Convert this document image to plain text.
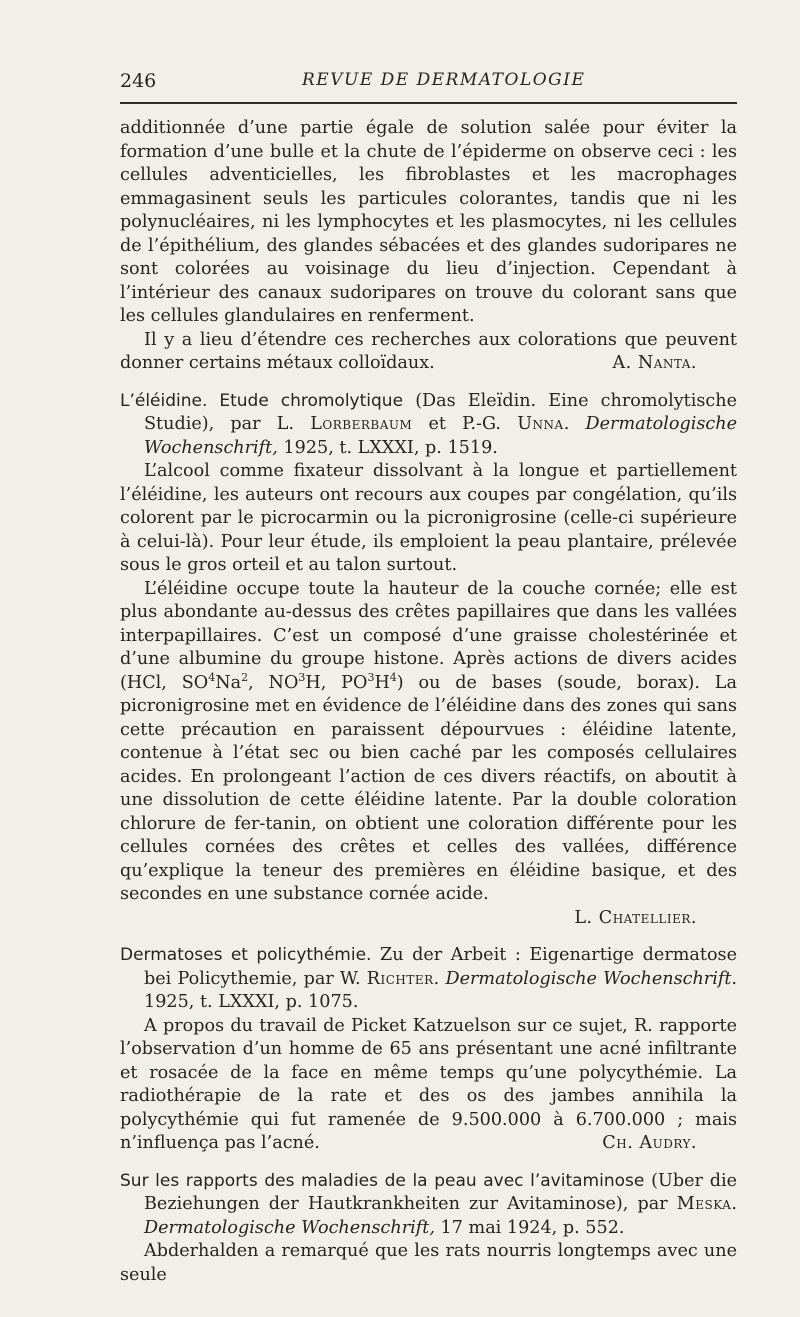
246	REVUE DE DERMATOLOGIE

additionnée d’une partie égale de solution salée pour éviter la formation d’une bulle et la chute de l’épiderme on observe ceci : les cellules adventicielles, les fibroblastes et les macrophages emmagasinent seuls les particules colorantes, tandis que ni les polynucléaires, ni les lymphocytes et les plasmocytes, ni les cellules de l’épithélium, des glandes sébacées et des glandes sudoripares ne sont colorées au voisinage du lieu d’injection. Cependant à l’intérieur des canaux sudoripares on trouve du colorant sans que les cellules glandulaires en renferment.

Il y a lieu d’étendre ces recherches aux colorations que peuvent donner certains métaux colloïdaux.	A. Nanta.

L’éléidine. Etude chromolytique (Das Eleïdin. Eine chromolytische Studie), par L. Lorberbaum et P.-G. Unna. Dermatologische Wochenschrift, 1925, t. LXXXI, p. 1519.

L’alcool comme fixateur dissolvant à la longue et partiellement l’éléidine, les auteurs ont recours aux coupes par congélation, qu’ils colorent par le picrocarmin ou la picronigrosine (celle-ci supérieure à celui-là). Pour leur étude, ils emploient la peau plantaire, prélevée sous le gros orteil et au talon surtout.

L’éléidine occupe toute la hauteur de la couche cornée; elle est plus abondante au-dessus des crêtes papillaires que dans les vallées interpapillaires. C’est un composé d’une graisse cholestérinée et d’une albumine du groupe histone. Après actions de divers acides (HCl, $SO^4Na^2$, $NO^3H$, $PO^3H^4$) ou de bases (soude, borax). La picronigrosine met en évidence de l’éléidine dans des zones qui sans cette précaution en paraissent dépourvues : éléidine latente, contenue à l’état sec ou bien caché par les composés cellulaires acides. En prolongeant l’action de ces divers réactifs, on aboutit à une dissolution de cette éléidine latente. Par la double coloration chlorure de fer-tanin, on obtient une coloration différente pour les cellules cornées des crêtes et celles des vallées, différence qu’explique la teneur des premières en éléidine basique, et des secondes en une substance cornée acide.

L. Chatellier.

Dermatoses et policythémie. Zu der Arbeit : Eigenartige dermatose bei Policythemie, par W. Richter. Dermatologische Wochenschrift. 1925, t. LXXXI, p. 1075.

A propos du travail de Picket Katzuelson sur ce sujet, R. rapporte l’observation d’un homme de 65 ans présentant une acné infiltrante et rosacée de la face en même temps qu’une polycythémie. La radiothérapie de la rate et des os des jambes annihila la polycythémie qui fut ramenée de 9.500.000 à 6.700.000 ; mais n’influença pas l’acné.	Ch. Audry.

Sur les rapports des maladies de la peau avec l’avitaminose (Uber die Beziehungen der Hautkrankheiten zur Avitaminose), par Meska. Dermatologische Wochenschrift, 17 mai 1924, p. 552.

Abderhalden a remarqué que les rats nourris longtemps avec une seule
